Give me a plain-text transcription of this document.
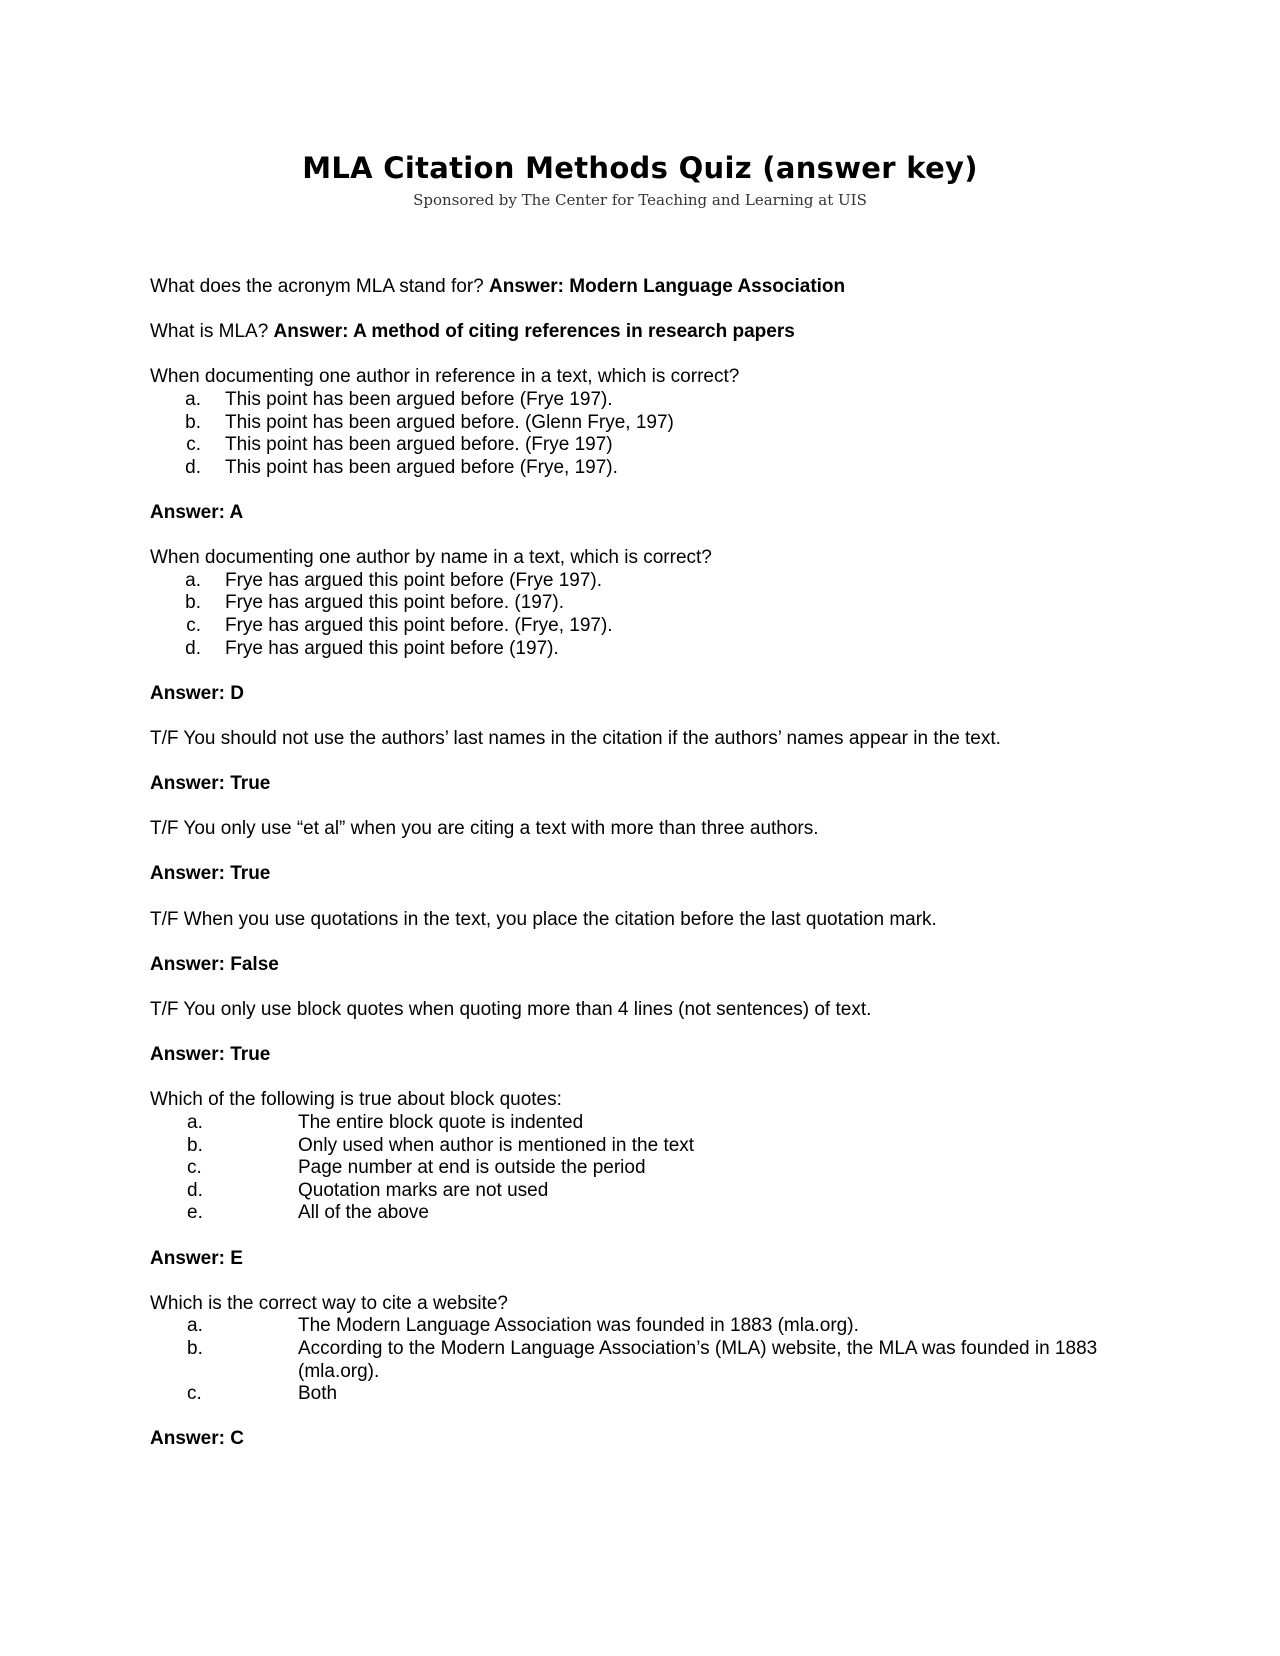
MLA Citation Methods Quiz (answer key)
Sponsored by The Center for Teaching and Learning at UIS

What does the acronym MLA stand for? Answer: Modern Language Association

What is MLA? Answer: A method of citing references in research papers

When documenting one author in reference in a text, which is correct?

a.	This point has been argued before (Frye 197).
b.	This point has been argued before. (Glenn Frye, 197)
c.	This point has been argued before. (Frye 197)
d.	This point has been argued before (Frye, 197).

Answer: A

When documenting one author by name in a text, which is correct?

a.	Frye has argued this point before (Frye 197).
b.	Frye has argued this point before. (197).
c.	Frye has argued this point before. (Frye, 197).
d.	Frye has argued this point before (197).

Answer: D

T/F You should not use the authors’ last names in the citation if the authors’ names appear in the text.

Answer: True

T/F You only use “et al” when you are citing a text with more than three authors.

Answer: True

T/F When you use quotations in the text, you place the citation before the last quotation mark.

Answer: False

T/F You only use block quotes when quoting more than 4 lines (not sentences) of text.

Answer: True

Which of the following is true about block quotes:

a.	The entire block quote is indented
b.	Only used when author is mentioned in the text
c.	Page number at end is outside the period
d.	Quotation marks are not used
e.	All of the above

Answer: E

Which is the correct way to cite a website?

a.	The Modern Language Association was founded in 1883 (mla.org).
b.	According to the Modern Language Association’s (MLA) website, the MLA was founded in 1883 (mla.org).
c.	Both

Answer: C
